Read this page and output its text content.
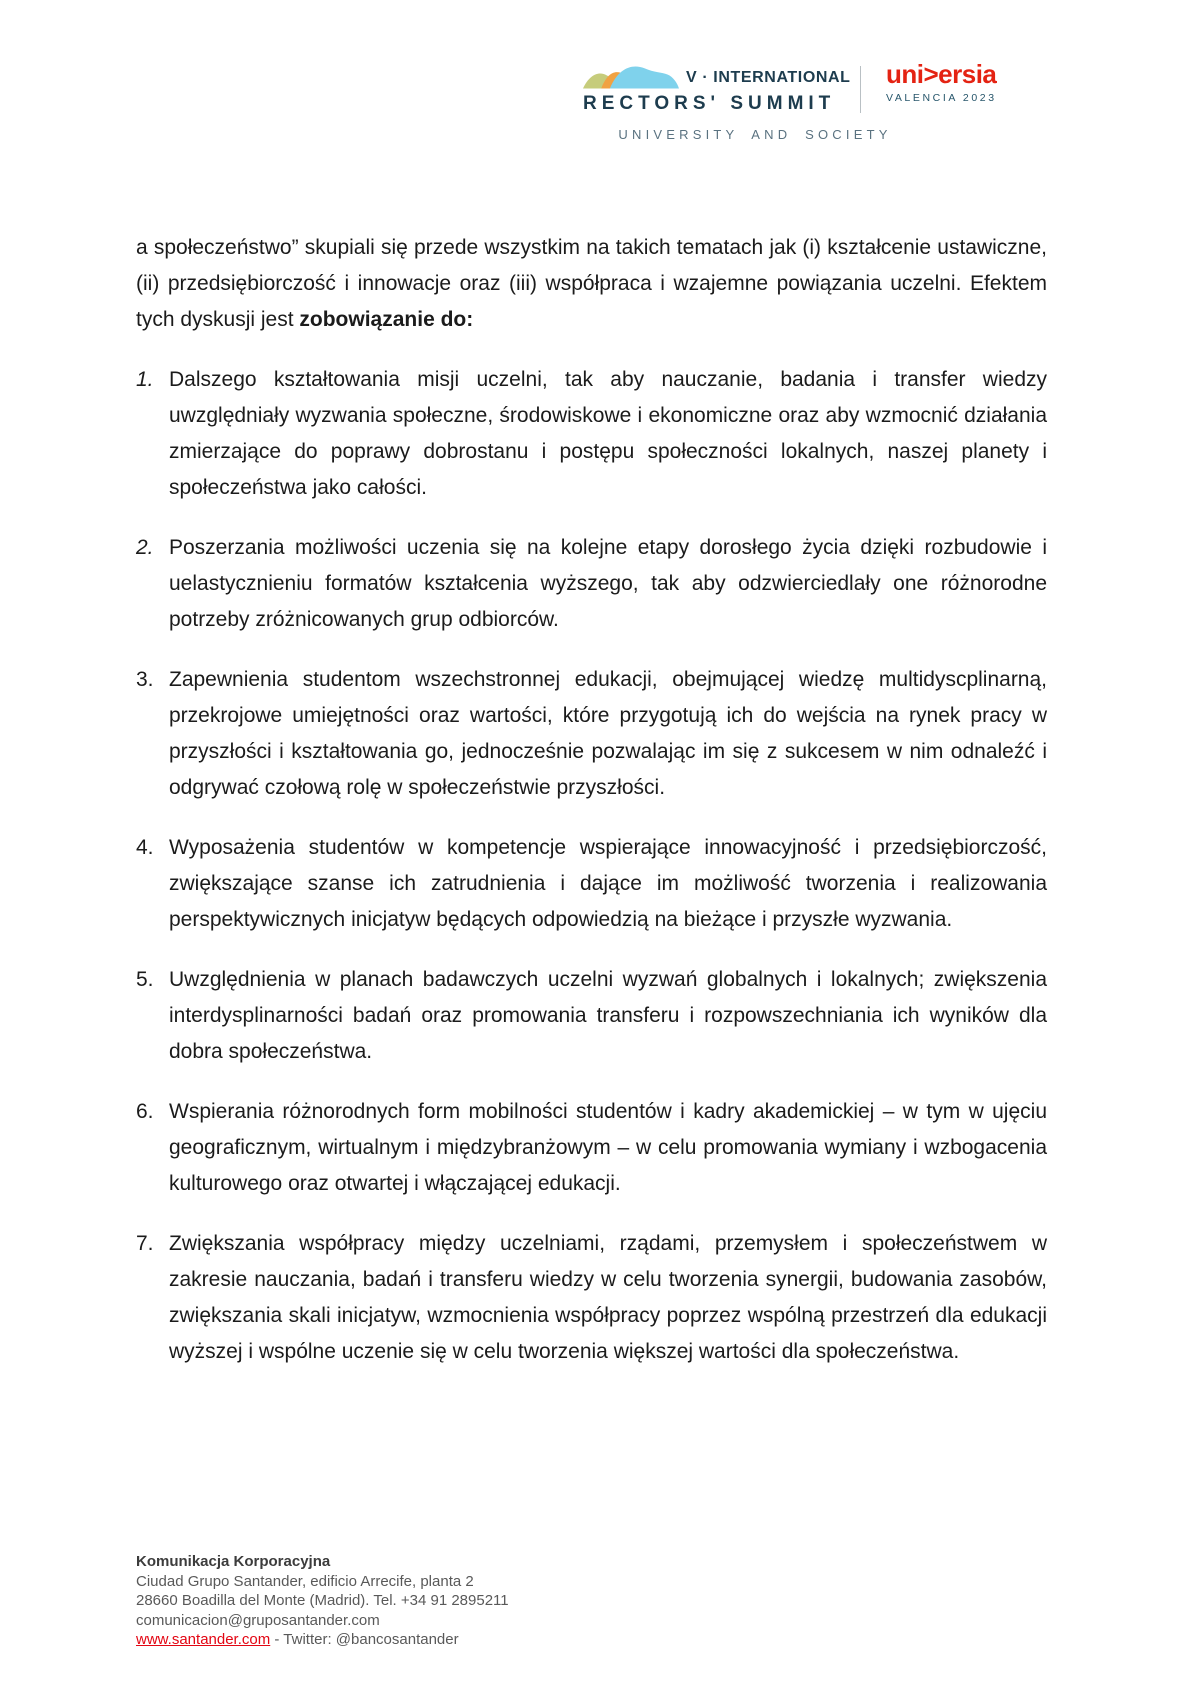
V · INTERNATIONAL
RECTORS' SUMMIT
uni>ersia
VALENCIA 2023
UNIVERSITY AND SOCIETY

a społeczeństwo” skupiali się przede wszystkim na takich tematach jak (i) kształcenie ustawiczne, (ii) przedsiębiorczość i innowacje oraz (iii) współpraca i wzajemne powiązania uczelni. Efektem tych dyskusji jest zobowiązanie do:

1. Dalszego kształtowania misji uczelni, tak aby nauczanie, badania i transfer wiedzy uwzględniały wyzwania społeczne, środowiskowe i ekonomiczne oraz aby wzmocnić działania zmierzające do poprawy dobrostanu i postępu społeczności lokalnych, naszej planety i społeczeństwa jako całości.
2. Poszerzania możliwości uczenia się na kolejne etapy dorosłego życia dzięki rozbudowie i uelastycznieniu formatów kształcenia wyższego, tak aby odzwierciedlały one różnorodne potrzeby zróżnicowanych grup odbiorców.
3. Zapewnienia studentom wszechstronnej edukacji, obejmującej wiedzę multidyscplinarną, przekrojowe umiejętności oraz wartości, które przygotują ich do wejścia na rynek pracy w przyszłości i kształtowania go, jednocześnie pozwalając im się z sukcesem w nim odnaleźć i odgrywać czołową rolę w społeczeństwie przyszłości.
4. Wyposażenia studentów w kompetencje wspierające innowacyjność i przedsiębiorczość, zwiększające szanse ich zatrudnienia i dające im możliwość tworzenia i realizowania perspektywicznych inicjatyw będących odpowiedzią na bieżące i przyszłe wyzwania.
5. Uwzględnienia w planach badawczych uczelni wyzwań globalnych i lokalnych; zwiększenia interdysplinarności badań oraz promowania transferu i rozpowszechniania ich wyników dla dobra społeczeństwa.
6. Wspierania różnorodnych form mobilności studentów i kadry akademickiej – w tym w ujęciu geograficznym, wirtualnym i międzybranżowym – w celu promowania wymiany i wzbogacenia kulturowego oraz otwartej i włączającej edukacji.
7. Zwiększania współpracy między uczelniami, rządami, przemysłem i społeczeństwem w zakresie nauczania, badań i transferu wiedzy w celu tworzenia synergii, budowania zasobów, zwiększania skali inicjatyw, wzmocnienia współpracy poprzez wspólną przestrzeń dla edukacji wyższej i wspólne uczenie się w celu tworzenia większej wartości dla społeczeństwa.
Komunikacja Korporacyjna
Ciudad Grupo Santander, edificio Arrecife, planta 2
28660 Boadilla del Monte (Madrid). Tel. +34 91 2895211
comunicacion@gruposantander.com
www.santander.com - Twitter: @bancosantander
